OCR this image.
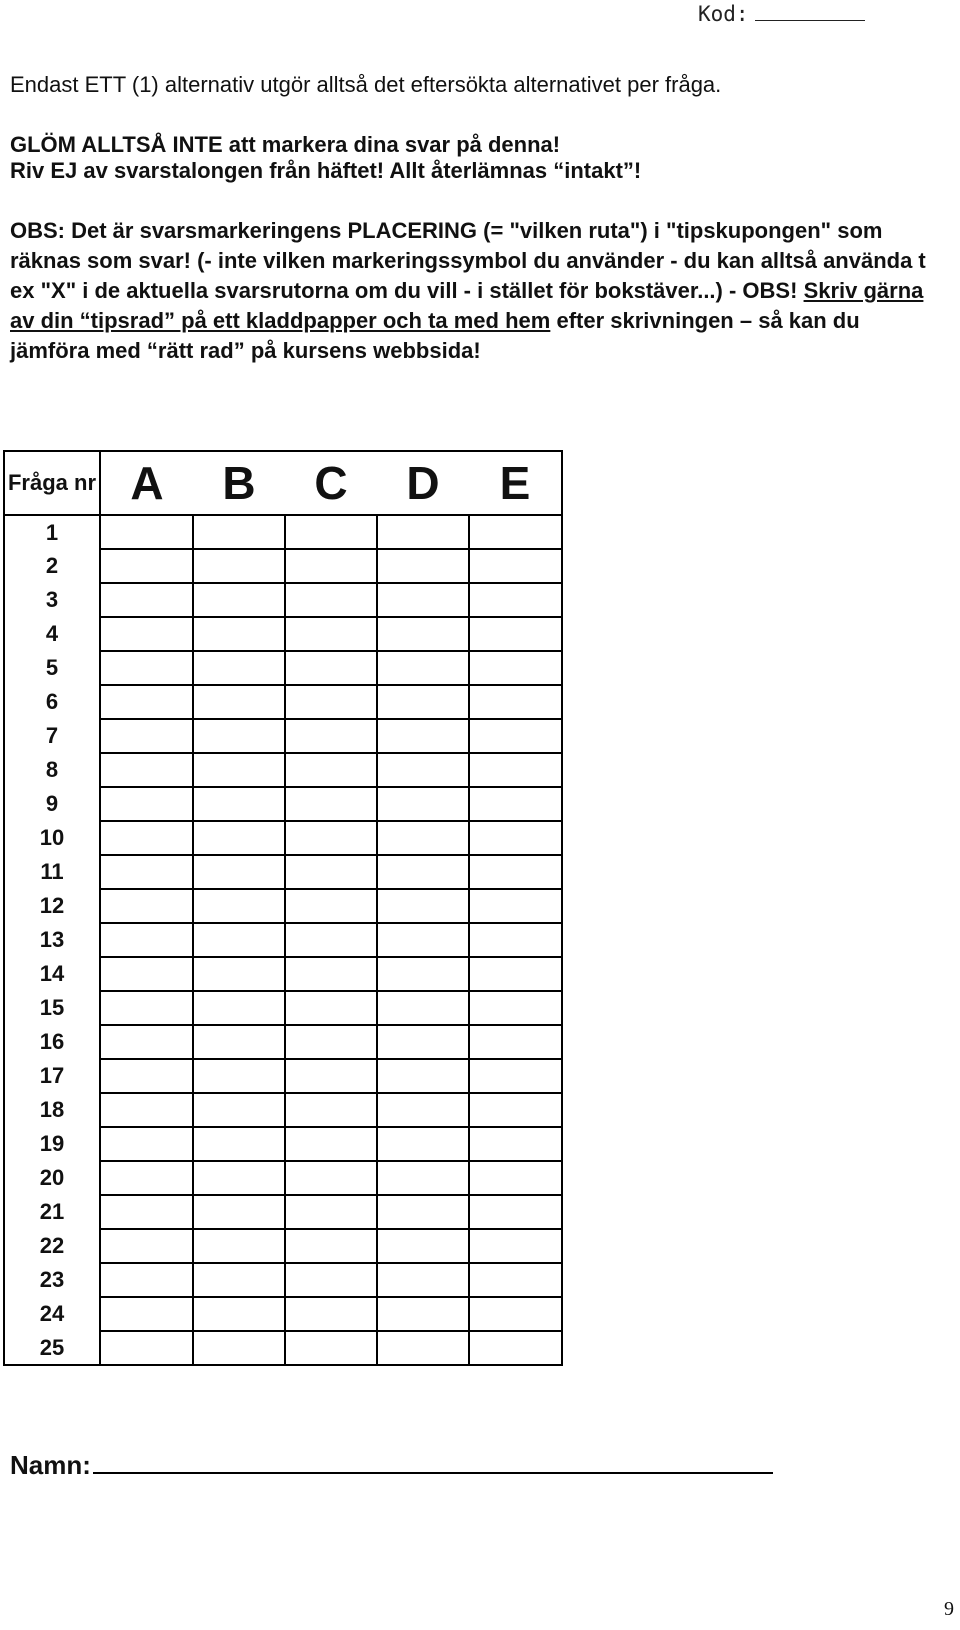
Kod:
Endast ETT (1) alternativ utgör alltså det eftersökta alternativet per fråga.
GLÖM ALLTSÅ INTE att markera dina svar på denna!
Riv EJ av svarstalongen från häftet! Allt återlämnas “intakt”!
OBS: Det är svarsmarkeringens PLACERING (= "vilken ruta") i "tipskupongen" som räknas som svar! (- inte vilken markeringssymbol du använder - du kan alltså använda t ex "X" i de aktuella svarsrutorna om du vill - i stället för bokstäver...) - OBS! Skriv gärna av din “tipsrad” på ett kladdpapper och ta med hem efter skrivningen – så kan du jämföra med “rätt rad” på kursens webbsida!
Fråga nr	A	B	C	D	E
1					
2					
3					
4					
5					
6					
7					
8					
9					
10					
11					
12					
13					
14					
15					
16					
17					
18					
19					
20					
21					
22					
23					
24					
25					
Namn:
9
